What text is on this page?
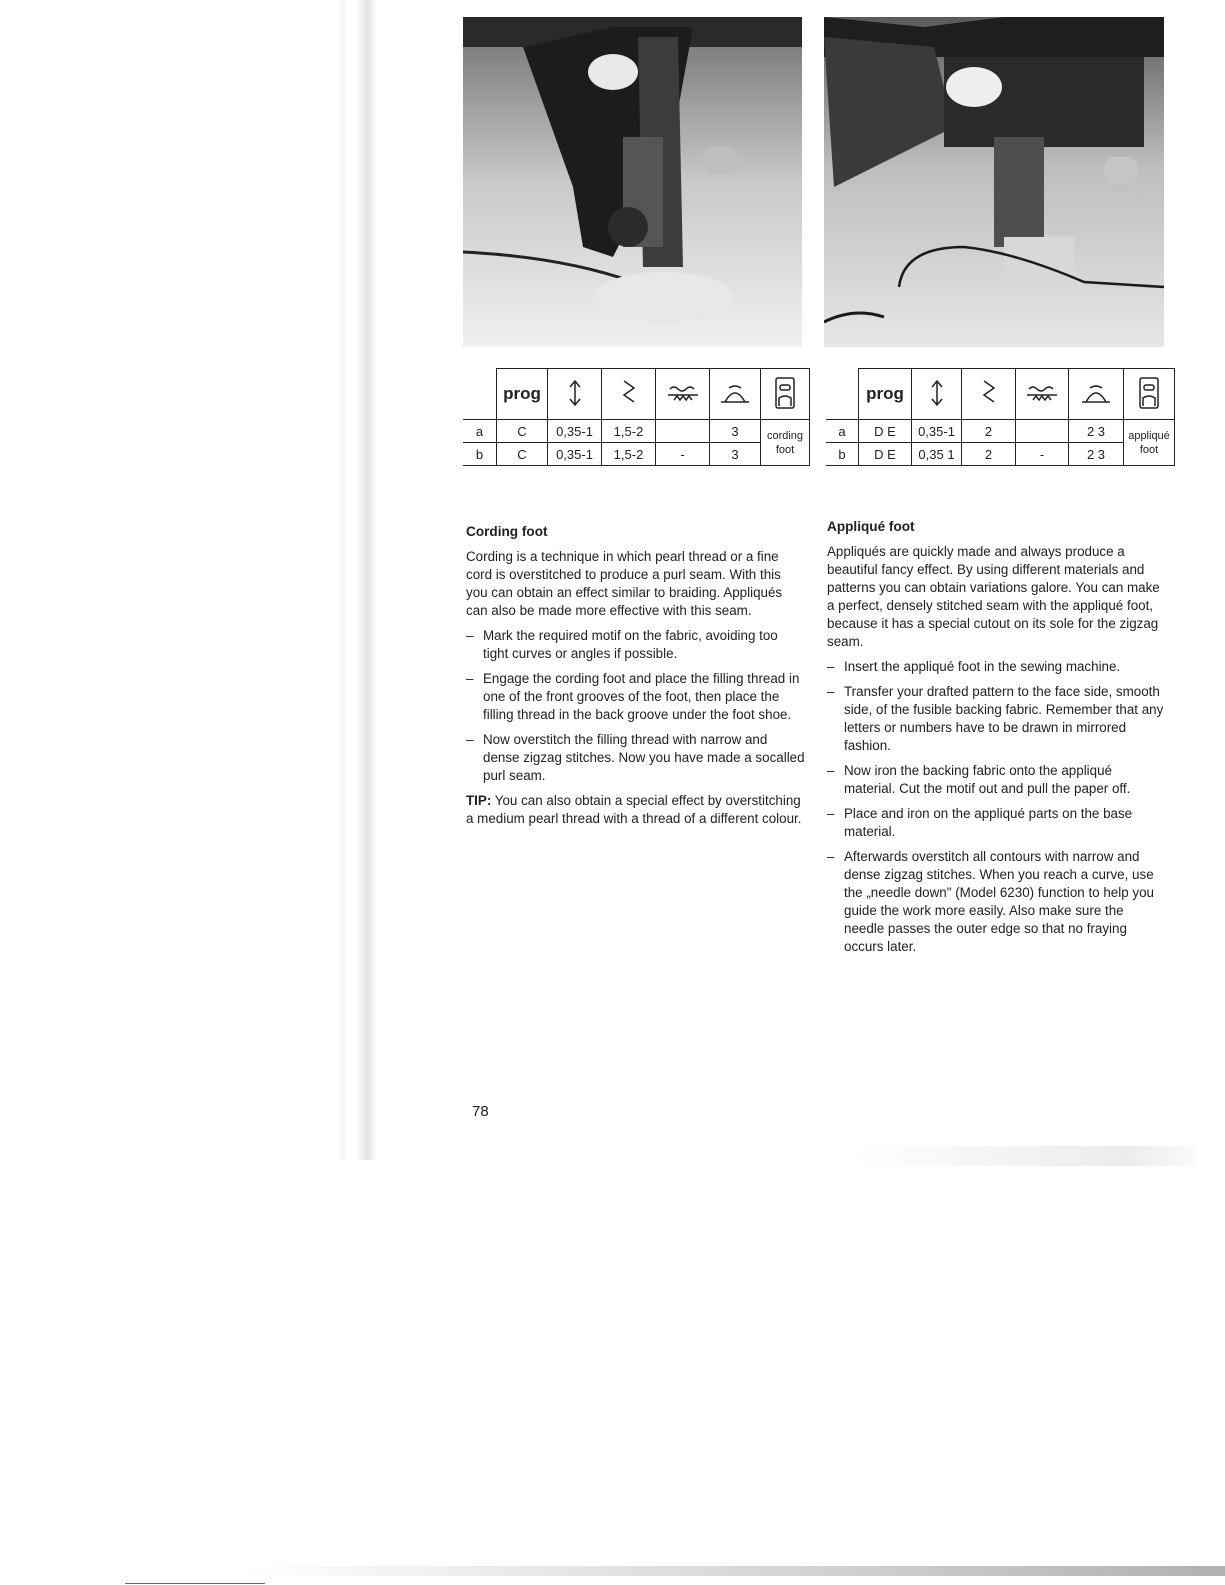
	prog					
a	C	0,35-1	1,5-2		3	cording foot
b	C	0,35-1	1,5-2	-	3	
	prog					
a	D E	0,35-1	2		2 3	appliqué foot
b	D E	0,35 1	2	-	2 3	
Cording foot

Cording is a technique in which pearl thread or a fine cord is overstitched to produce a purl seam. With this you can obtain an effect similar to braiding. Appliqués can also be made more effective with this seam.

– Mark the required motif on the fabric, avoiding too tight curves or angles if possible.
– Engage the cording foot and place the filling thread in one of the front grooves of the foot, then place the filling thread in the back groove under the foot shoe.
– Now overstitch the filling thread with narrow and dense zigzag stitches. Now you have made a socalled purl seam.

TIP: You can also obtain a special effect by overstitching a medium pearl thread with a thread of a different colour.

Appliqué foot

Appliqués are quickly made and always produce a beautiful fancy effect. By using different materials and patterns you can obtain variations galore. You can make a perfect, densely stitched seam with the appliqué foot, because it has a special cutout on its sole for the zigzag seam.

– Insert the appliqué foot in the sewing machine.
– Transfer your drafted pattern to the face side, smooth side, of the fusible backing fabric. Remember that any letters or numbers have to be drawn in mirrored fashion.
– Now iron the backing fabric onto the appliqué material. Cut the motif out and pull the paper off.
– Place and iron on the appliqué parts on the base material.
– Afterwards overstitch all contours with narrow and dense zigzag stitches. When you reach a curve, use the „needle down" (Model 6230) function to help you guide the work more easily. Also make sure the needle passes the outer edge so that no fraying occurs later.
78
